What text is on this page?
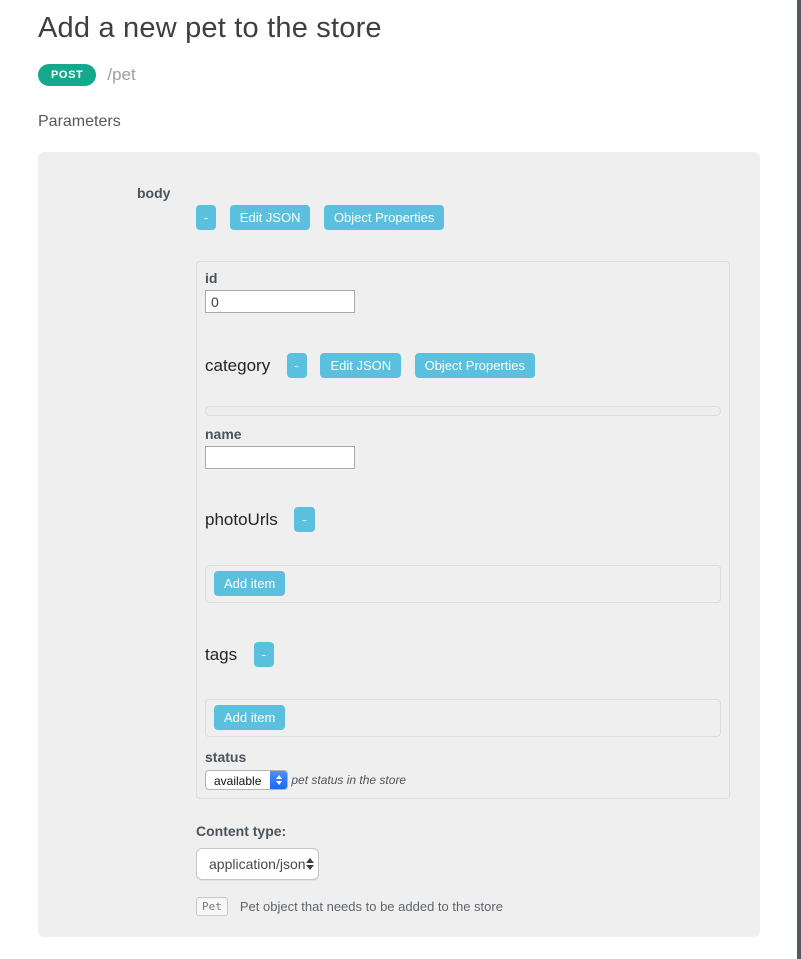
Add a new pet to the store
POST	/pet
Parameters
body
- Edit JSON	Object Properties
id
0
category - Edit JSON	Object Properties
name
photoUrls -
Add item
tags -
Add item
status
available	pet status in the store
Content type:
application/json
Pet	Pet object that needs to be added to the store
